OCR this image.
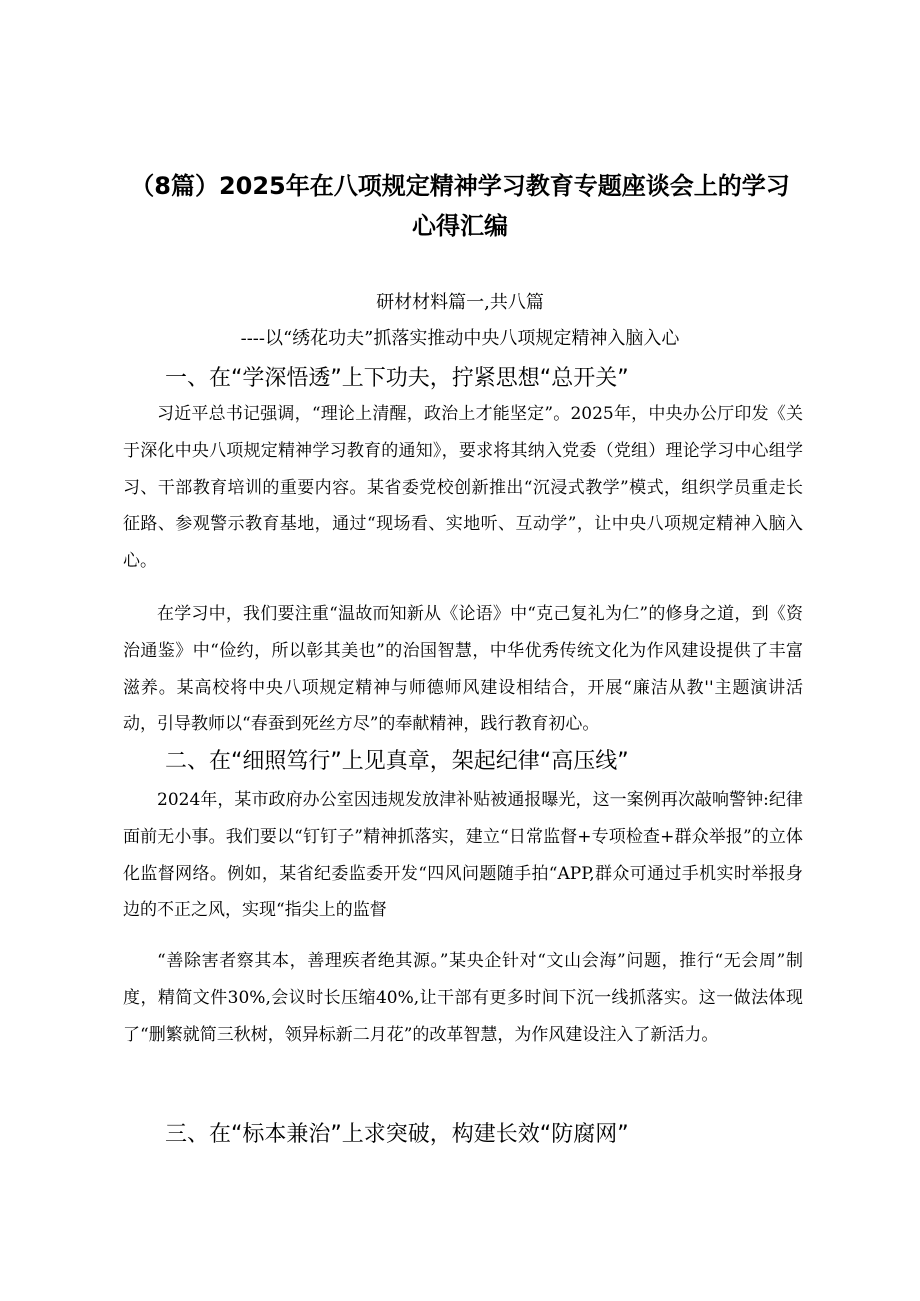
（8篇）2025年在八项规定精神学习教育专题座谈会上的学习
心得汇编
研材材料篇一,共八篇
----以“绣花功夫”抓落实推动中央八项规定精神入脑入心
一、在“学深悟透”上下功夫，拧紧思想“总开关”

习近平总书记强调，“理论上清醒，政治上才能坚定”。2025年，中央办公厅印发《关于深化中央八项规定精神学习教育的通知》，要求将其纳入党委（党组）理论学习中心组学习、干部教育培训的重要内容。某省委党校创新推出“沉浸式教学”模式，组织学员重走长征路、参观警示教育基地，通过“现场看、实地听、互动学”，让中央八项规定精神入脑入心。

在学习中，我们要注重“温故而知新从《论语》中“克己复礼为仁”的修身之道，到《资治通鉴》中“俭约，所以彰其美也”的治国智慧，中华优秀传统文化为作风建设提供了丰富滋养。某高校将中央八项规定精神与师德师风建设相结合，开展“廉洁从教''主题演讲活动，引导教师以“春蚕到死丝方尽”的奉献精神，践行教育初心。

二、在“细照笃行”上见真章，架起纪律“高压线”

2024年，某市政府办公室因违规发放津补贴被通报曝光，这一案例再次敲响警钟:纪律面前无小事。我们要以“钉钉子”精神抓落实，建立“日常监督+专项检查+群众举报”的立体化监督网络。例如，某省纪委监委开发“四风问题随手拍“APP,群众可通过手机实时举报身边的不正之风，实现“指尖上的监督

“善除害者察其本，善理疾者绝其源。”某央企针对“文山会海”问题，推行“无会周”制度，精简文件30%,会议时长压缩40%,让干部有更多时间下沉一线抓落实。这一做法体现了“删繁就简三秋树，领异标新二月花”的改革智慧，为作风建设注入了新活力。

三、在“标本兼治”上求突破，构建长效“防腐网”
